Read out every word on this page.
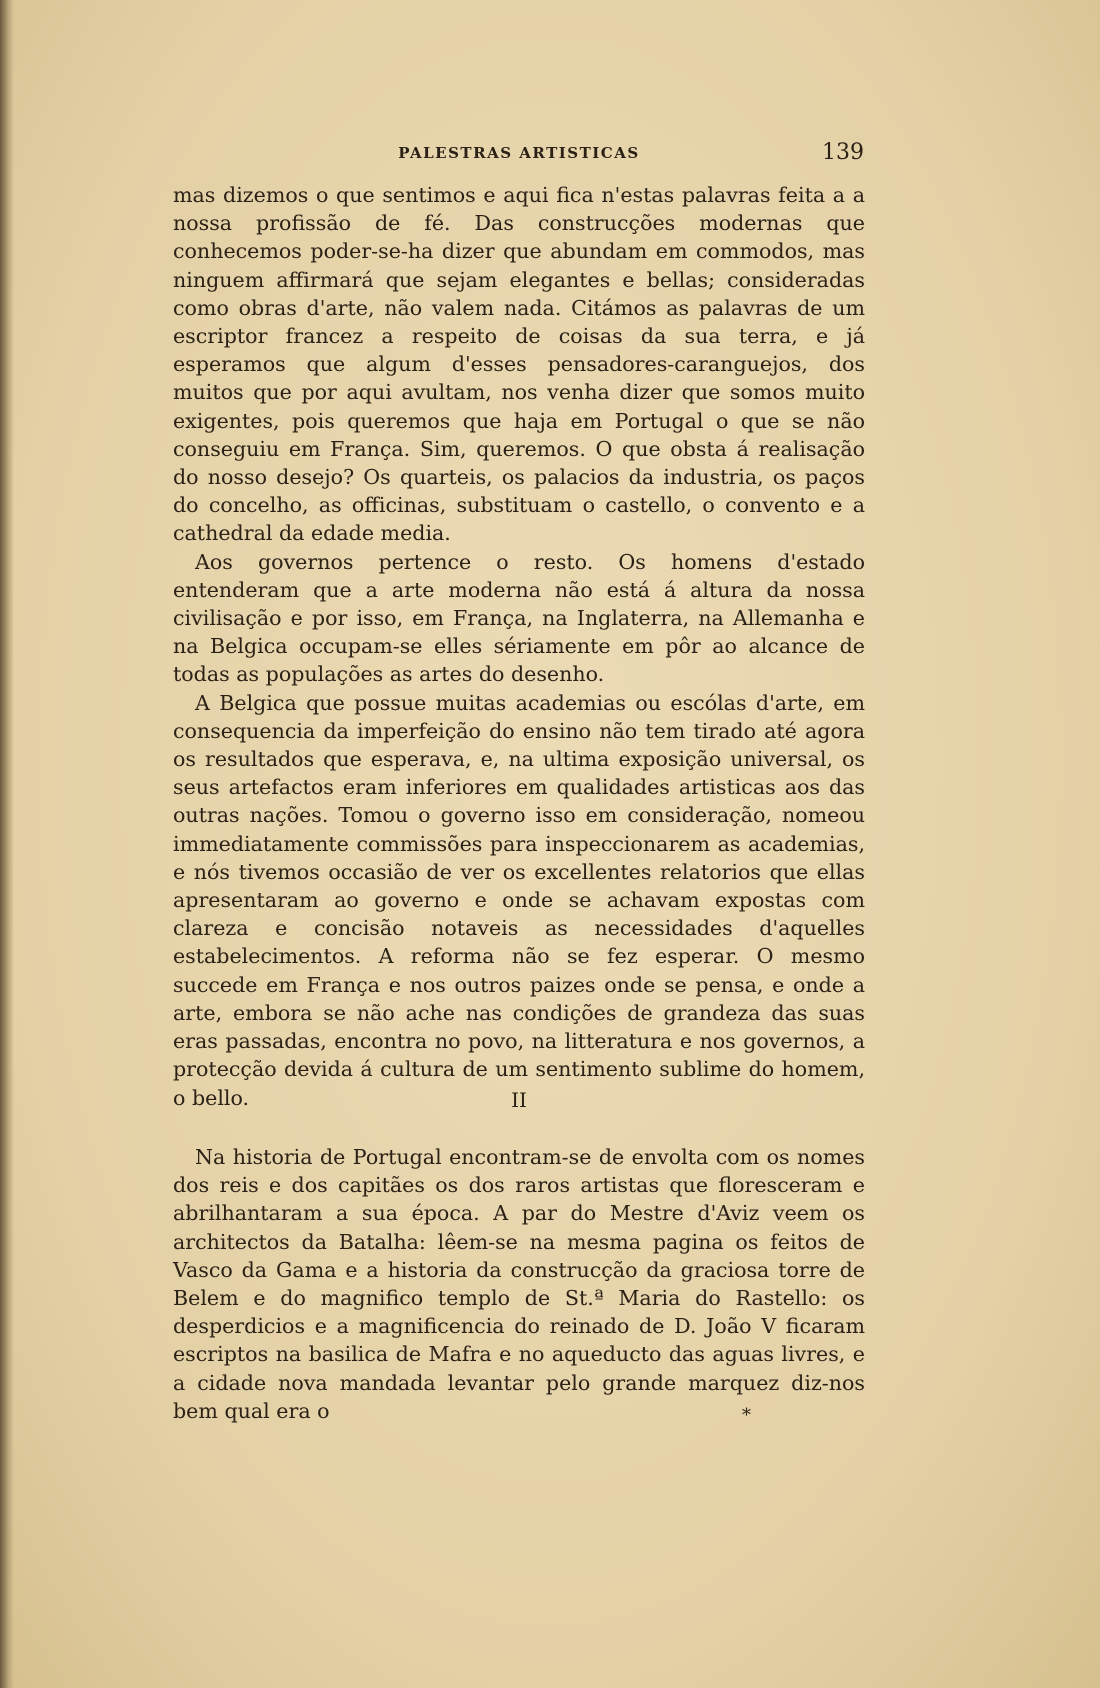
PALESTRAS ARTISTICAS	139

mas dizemos o que sentimos e aqui fica n'estas palavras feita a a nossa profissão de fé. Das construcções modernas que conhecemos poder-se-ha dizer que abundam em commodos, mas ninguem affirmará que sejam elegantes e bellas; consideradas como obras d'arte, não valem nada. Citámos as palavras de um escriptor francez a respeito de coisas da sua terra, e já esperamos que algum d'esses pensadores-caranguejos, dos muitos que por aqui avultam, nos venha dizer que somos muito exigentes, pois queremos que haja em Portugal o que se não conseguiu em França. Sim, queremos. O que obsta á realisação do nosso desejo? Os quarteis, os palacios da industria, os paços do concelho, as officinas, substituam o castello, o convento e a cathedral da edade media.

Aos governos pertence o resto. Os homens d'estado entenderam que a arte moderna não está á altura da nossa civilisação e por isso, em França, na Inglaterra, na Allemanha e na Belgica occupam-se elles sériamente em pôr ao alcance de todas as populações as artes do desenho.

A Belgica que possue muitas academias ou escólas d'arte, em consequencia da imperfeição do ensino não tem tirado até agora os resultados que esperava, e, na ultima exposição universal, os seus artefactos eram inferiores em qualidades artisticas aos das outras nações. Tomou o governo isso em consideração, nomeou immediatamente commissões para inspeccionarem as academias, e nós tivemos occasião de ver os excellentes relatorios que ellas apresentaram ao governo e onde se achavam expostas com clareza e concisão notaveis as necessidades d'aquelles estabelecimentos. A reforma não se fez esperar. O mesmo succede em França e nos outros paizes onde se pensa, e onde a arte, embora se não ache nas condições de grandeza das suas eras passadas, encontra no povo, na litteratura e nos governos, a protecção devida á cultura de um sentimento sublime do homem, o bello.	II

Na historia de Portugal encontram-se de envolta com os nomes dos reis e dos capitães os dos raros artistas que floresceram e abrilhantaram a sua época. A par do Mestre d'Aviz veem os architectos da Batalha: lêem-se na mesma pagina os feitos de Vasco da Gama e a historia da construcção da graciosa torre de Belem e do magnifico templo de St.ª Maria do Rastello: os desperdicios e a magnificencia do reinado de D. João V ficaram escriptos na basilica de Mafra e no aqueducto das aguas livres, e a cidade nova mandada levantar pelo grande marquez diz-nos bem qual era o	*
